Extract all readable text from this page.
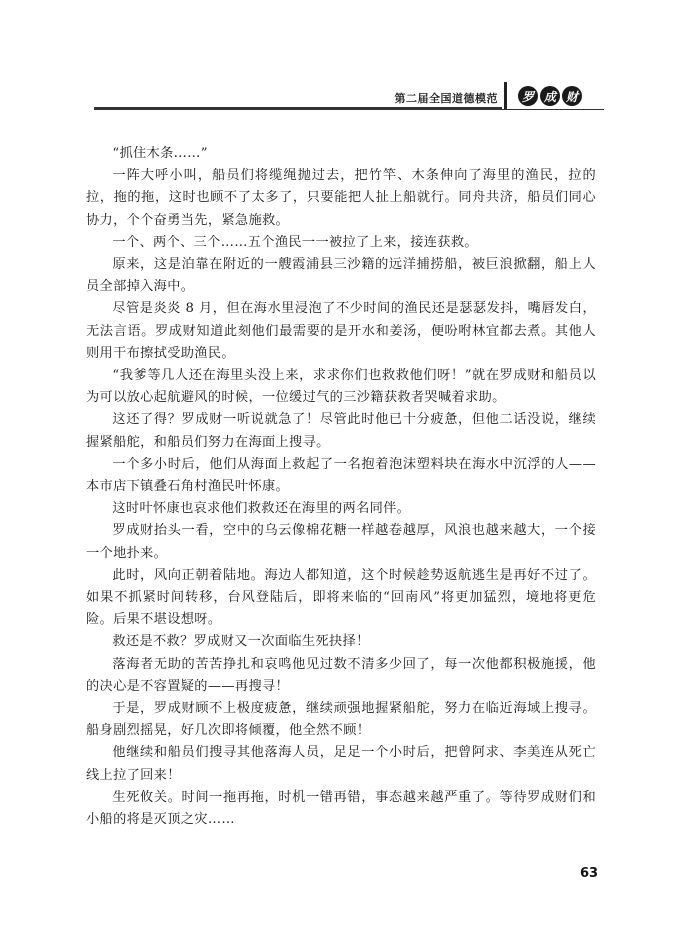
第二届全国道德模范	罗 成 财

“抓住木条……”

一阵大呼小叫，船员们将缆绳抛过去，把竹竿、木条伸向了海里的渔民，拉的拉，拖的拖，这时也顾不了太多了，只要能把人扯上船就行。同舟共济，船员们同心协力，个个奋勇当先，紧急施救。

一个、两个、三个……五个渔民一一被拉了上来，接连获救。

原来，这是泊靠在附近的一艘霞浦县三沙籍的远洋捕捞船，被巨浪掀翻，船上人员全部掉入海中。

尽管是炎炎 8 月，但在海水里浸泡了不少时间的渔民还是瑟瑟发抖，嘴唇发白，无法言语。罗成财知道此刻他们最需要的是开水和姜汤，便吩咐林宜都去煮。其他人则用干布擦拭受助渔民。

“我爹等几人还在海里头没上来，求求你们也救救他们呀！”就在罗成财和船员以为可以放心起航避风的时候，一位缓过气的三沙籍获救者哭喊着求助。

这还了得？罗成财一听说就急了！尽管此时他已十分疲惫，但他二话没说，继续握紧船舵，和船员们努力在海面上搜寻。

一个多小时后，他们从海面上救起了一名抱着泡沫塑料块在海水中沉浮的人——本市店下镇叠石角村渔民叶怀康。

这时叶怀康也哀求他们救救还在海里的两名同伴。

罗成财抬头一看，空中的乌云像棉花糖一样越卷越厚，风浪也越来越大，一个接一个地扑来。

此时，风向正朝着陆地。海边人都知道，这个时候趁势返航逃生是再好不过了。如果不抓紧时间转移，台风登陆后，即将来临的“回南风”将更加猛烈，境地将更危险。后果不堪设想呀。

救还是不救？罗成财又一次面临生死抉择！

落海者无助的苦苦挣扎和哀鸣他见过数不清多少回了，每一次他都积极施援，他的决心是不容置疑的——再搜寻！

于是，罗成财顾不上极度疲惫，继续顽强地握紧船舵，努力在临近海域上搜寻。船身剧烈摇晃，好几次即将倾覆，他全然不顾！

他继续和船员们搜寻其他落海人员，足足一个小时后，把曾阿求、李美连从死亡线上拉了回来！

生死攸关。时间一拖再拖，时机一错再错，事态越来越严重了。等待罗成财们和小船的将是灭顶之灾……

63
